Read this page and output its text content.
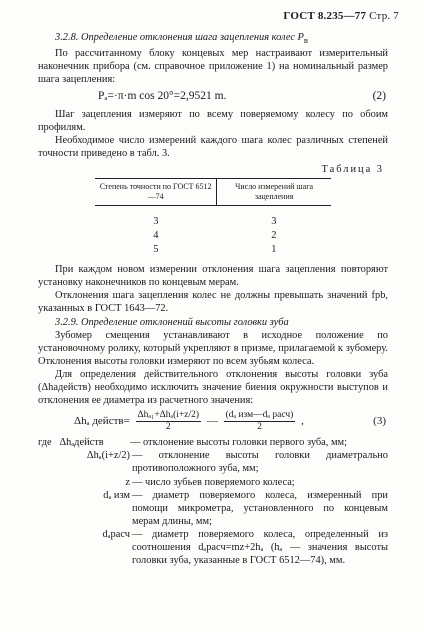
ГОСТ 8.235—77 Стр. 7

3.2.8. Определение отклонения шага зацепления колес $P_в$

По рассчитанному блоку концевых мер настраивают измерительный наконечник прибора (см. справочное приложение 1) на номинальный размер шага зацепления:

Pₐ=·π·m cos 20°=2,9521 m.	(2)

Шаг зацепления измеряют по всему поверяемому колесу по обоим профилям.

Необходимое число измерений каждого шага колес различных степеней точности приведено в табл. 3.

Таблица 3
Степень точности по ГОСТ 6512—74	Число измерений шага зацепления
3	3
4	2
5	1

При каждом новом измерении отклонения шага зацепления повторяют установку наконечников по концевым мерам.

Отклонения шага зацепления колес не должны превышать значений fpb, указанных в ГОСТ 1643—72.

3.2.9. Определение отклонений высоты головки зуба

Зубомер смещения устанавливают в исходное положение по установочному ролику, который укрепляют в призме, прилагаемой к зубомеру. Отклонения высоты головки измеряют по всем зубьям колеса.

Для определения действительного отклонения высоты головки зуба (Δhaдейств) необходимо исключить значение биения окружности выступов и отклонения ее диаметра из расчетного значения:

Δhₐ действ= $\frac{\text{Δhₐ₁+Δhₐ(i+z/2)}}{2}$ — $\frac{\text{(dₐ изм—dₐ расч)}}{2}$ ,	(3)
где Δhₐдейств	— отклонение высоты головки первого зуба, мм;
Δhₐ(i+z/2) — отклонение высоты головки диаметрально противоположного зуба, мм;
z — число зубьев поверяемого колеса;
dₐ изм — диаметр поверяемого колеса, измеренный при помощи микрометра, установленного по концевым мерам длины, мм;
dₐрасч — диаметр поверяемого колеса, определенный из соотношения dₐрасч=mz+2hₐ (hₐ — значения высоты головки зуба, указанные в ГОСТ 6512—74), мм.
